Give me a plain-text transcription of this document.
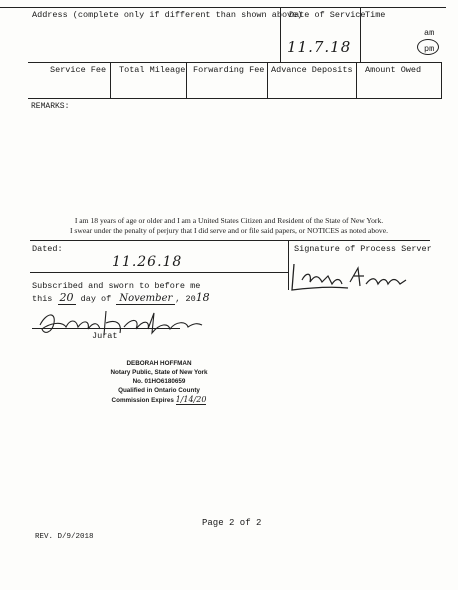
Address (complete only if different than shown above)
Date of Service Time
am
pm
11.7.18
Service Fee Total Mileage Forwarding Fee Advance Deposits Amount Owed
REMARKS:
I am 18 years of age or older and I am a United States Citizen and Resident of the State of New York.
I swear under the penalty of perjury that I did serve and or file said papers, or NOTICES as noted above.
Dated:
11.26.18
Signature of Process Server
Subscribed and sworn to before me
this 20 day of November , 2018
Jurat
DEBORAH HOFFMAN
Notary Public, State of New York
No. 01HO6180659
Qualified in Ontario County
Commission Expires 1/14/20
Page 2 of 2
REV. D/9/2018
